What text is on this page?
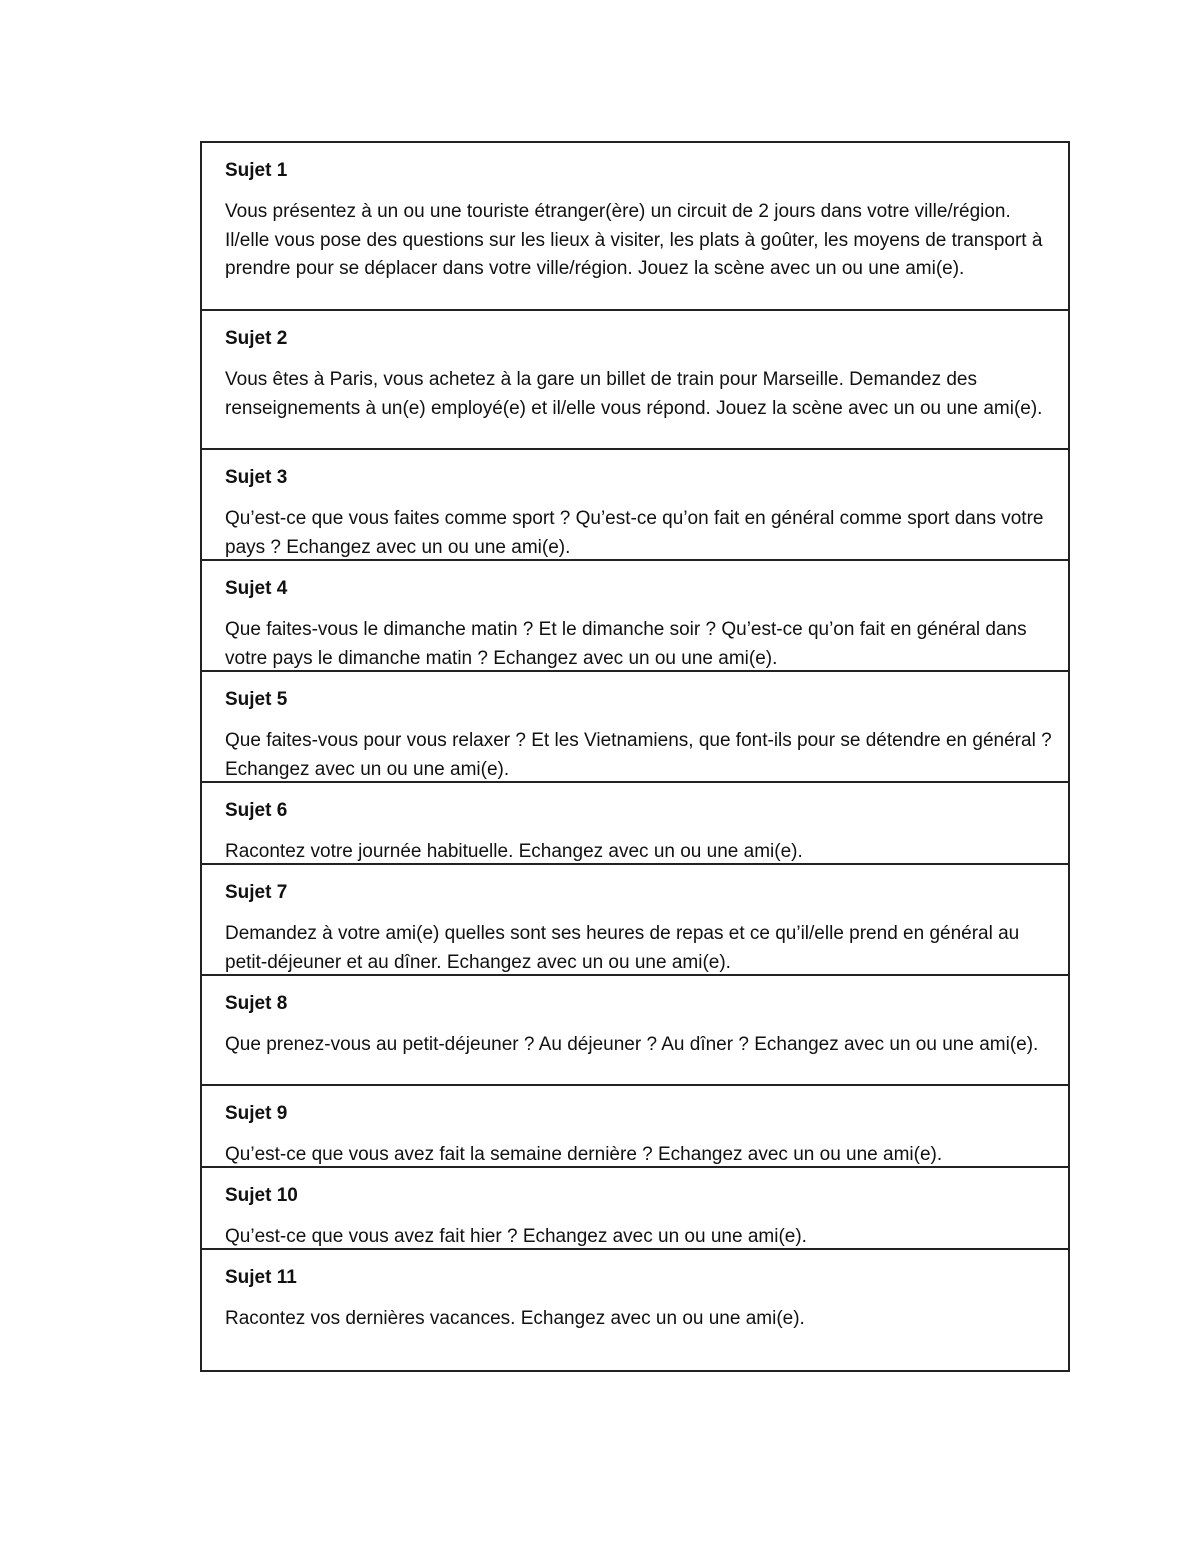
Sujet 1

Vous présentez à un ou une touriste étranger(ère) un circuit de 2 jours dans votre ville/région. Il/elle vous pose des questions sur les lieux à visiter, les plats à goûter, les moyens de transport à prendre pour se déplacer dans votre ville/région. Jouez la scène avec un ou une ami(e).

Sujet 2

Vous êtes à Paris, vous achetez à la gare un billet de train pour Marseille. Demandez des renseignements à un(e) employé(e) et il/elle vous répond. Jouez la scène avec un ou une ami(e).

Sujet 3

Qu’est-ce que vous faites comme sport ? Qu’est-ce qu’on fait en général comme sport dans votre pays ? Echangez avec un ou une ami(e).

Sujet 4

Que faites-vous le dimanche matin ? Et le dimanche soir ? Qu’est-ce qu’on fait en général dans votre pays le dimanche matin ? Echangez avec un ou une ami(e).

Sujet 5

Que faites-vous pour vous relaxer ? Et les Vietnamiens, que font-ils pour se détendre en général ? Echangez avec un ou une ami(e).

Sujet 6

Racontez votre journée habituelle. Echangez avec un ou une ami(e).

Sujet 7

Demandez à votre ami(e) quelles sont ses heures de repas et ce qu’il/elle prend en général au petit-déjeuner et au dîner. Echangez avec un ou une ami(e).

Sujet 8

Que prenez-vous au petit-déjeuner ? Au déjeuner ? Au dîner ? Echangez avec un ou une ami(e).

Sujet 9

Qu’est-ce que vous avez fait la semaine dernière ? Echangez avec un ou une ami(e).

Sujet 10

Qu’est-ce que vous avez fait hier ? Echangez avec un ou une ami(e).

Sujet 11

Racontez vos dernières vacances. Echangez avec un ou une ami(e).
